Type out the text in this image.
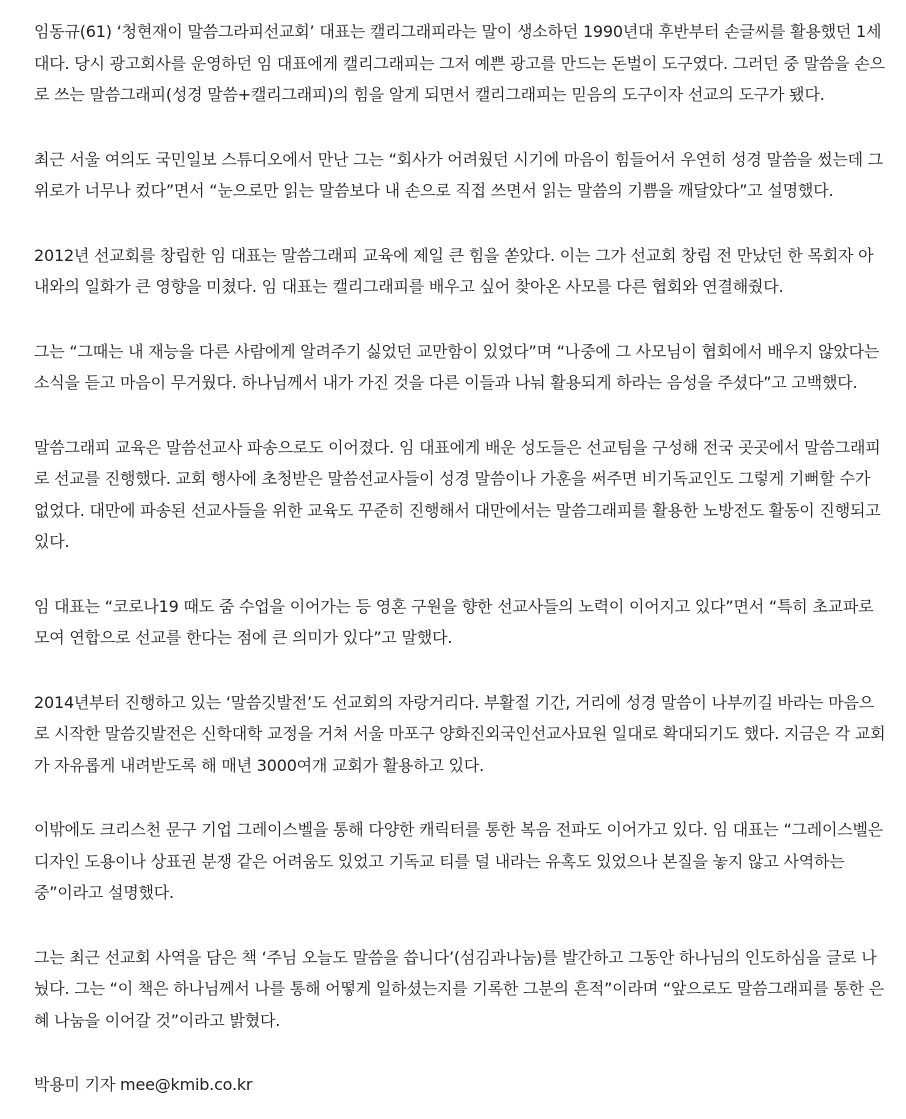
임동규(61) ‘청현재이 말씀그라피선교회’ 대표는 캘리그래피라는 말이 생소하던 1990년대 후반부터 손글씨를 활용했던 1세대다. 당시 광고회사를 운영하던 임 대표에게 캘리그래피는 그저 예쁜 광고를 만드는 돈벌이 도구였다. 그러던 중 말씀을 손으로 쓰는 말씀그래피(성경 말씀+캘리그래피)의 힘을 알게 되면서 캘리그래피는 믿음의 도구이자 선교의 도구가 됐다.

최근 서울 여의도 국민일보 스튜디오에서 만난 그는 “회사가 어려웠던 시기에 마음이 힘들어서 우연히 성경 말씀을 썼는데 그 위로가 너무나 컸다”면서 “눈으로만 읽는 말씀보다 내 손으로 직접 쓰면서 읽는 말씀의 기쁨을 깨달았다”고 설명했다.

2012년 선교회를 창립한 임 대표는 말씀그래피 교육에 제일 큰 힘을 쏟았다. 이는 그가 선교회 창립 전 만났던 한 목회자 아내와의 일화가 큰 영향을 미쳤다. 임 대표는 캘리그래피를 배우고 싶어 찾아온 사모를 다른 협회와 연결해줬다.

그는 “그때는 내 재능을 다른 사람에게 알려주기 싫었던 교만함이 있었다”며 “나중에 그 사모님이 협회에서 배우지 않았다는 소식을 듣고 마음이 무거웠다. 하나님께서 내가 가진 것을 다른 이들과 나눠 활용되게 하라는 음성을 주셨다”고 고백했다.

말씀그래피 교육은 말씀선교사 파송으로도 이어졌다. 임 대표에게 배운 성도들은 선교팀을 구성해 전국 곳곳에서 말씀그래피로 선교를 진행했다. 교회 행사에 초청받은 말씀선교사들이 성경 말씀이나 가훈을 써주면 비기독교인도 그렇게 기뻐할 수가 없었다. 대만에 파송된 선교사들을 위한 교육도 꾸준히 진행해서 대만에서는 말씀그래피를 활용한 노방전도 활동이 진행되고 있다.

임 대표는 “코로나19 때도 줌 수업을 이어가는 등 영혼 구원을 향한 선교사들의 노력이 이어지고 있다”면서 “특히 초교파로 모여 연합으로 선교를 한다는 점에 큰 의미가 있다”고 말했다.

2014년부터 진행하고 있는 ‘말씀깃발전’도 선교회의 자랑거리다. 부활절 기간, 거리에 성경 말씀이 나부끼길 바라는 마음으로 시작한 말씀깃발전은 신학대학 교정을 거쳐 서울 마포구 양화진외국인선교사묘원 일대로 확대되기도 했다. 지금은 각 교회가 자유롭게 내려받도록 해 매년 3000여개 교회가 활용하고 있다.

이밖에도 크리스천 문구 기업 그레이스벨을 통해 다양한 캐릭터를 통한 복음 전파도 이어가고 있다. 임 대표는 “그레이스벨은 디자인 도용이나 상표권 분쟁 같은 어려움도 있었고 기독교 티를 덜 내라는 유혹도 있었으나 본질을 놓지 않고 사역하는 중”이라고 설명했다.

그는 최근 선교회 사역을 담은 책 ‘주님 오늘도 말씀을 씁니다’(섬김과나눔)를 발간하고 그동안 하나님의 인도하심을 글로 나눴다. 그는 “이 책은 하나님께서 나를 통해 어떻게 일하셨는지를 기록한 그분의 흔적”이라며 “앞으로도 말씀그래피를 통한 은혜 나눔을 이어갈 것”이라고 밝혔다.

박용미 기자 mee@kmib.co.kr
